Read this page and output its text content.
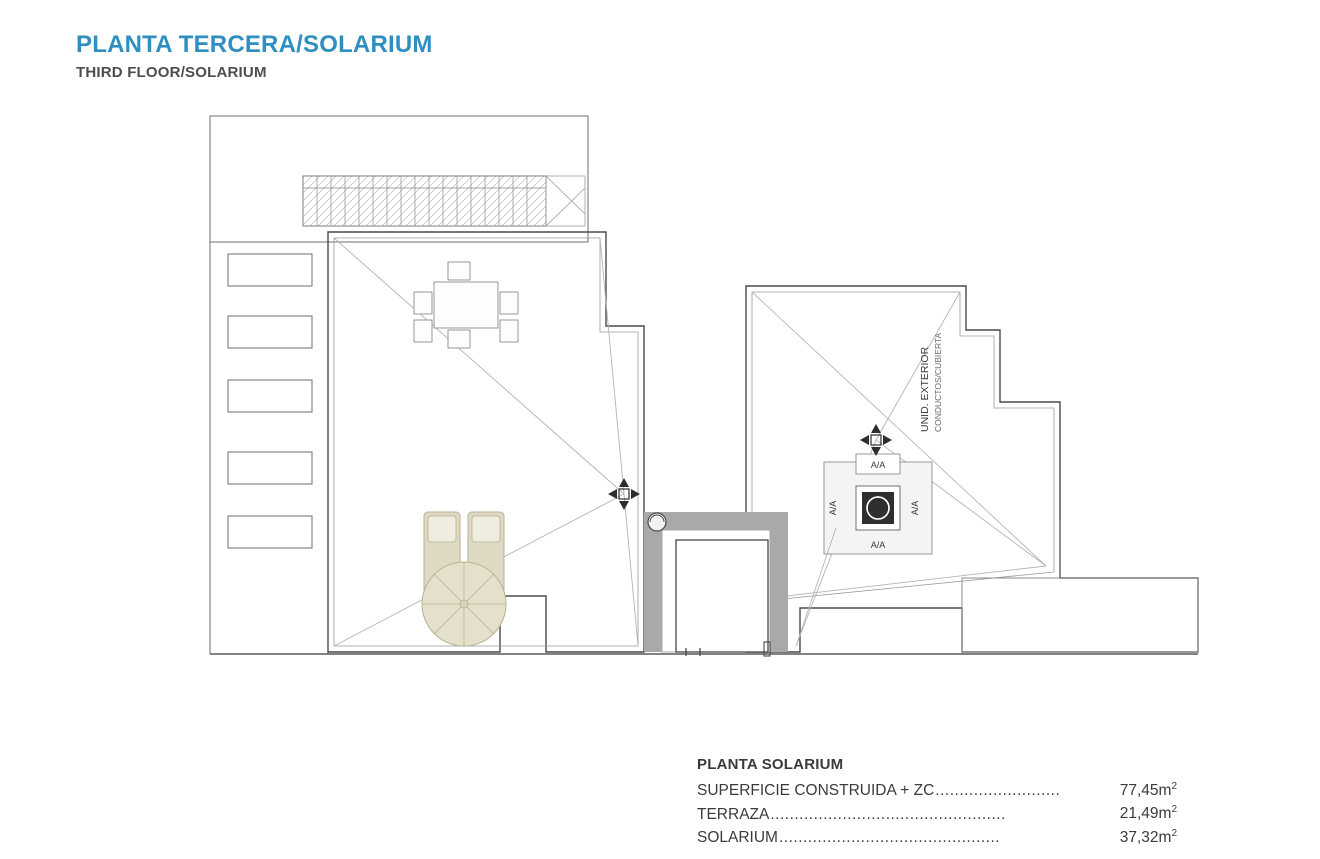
PLANTA TERCERA/SOLARIUM
THIRD FLOOR/SOLARIUM
A/A	A/A
A/A
A/A
UNID. EXTERIOR CONDUCTOS/CUBIERTA
PLANTA SOLARIUM
SUPERFICIE CONSTRUIDA + ZC ..........................	$77,45m^2$
TERRAZA .................................................	$21,49m^2$
SOLARIUM ..............................................	$37,32m^2$
